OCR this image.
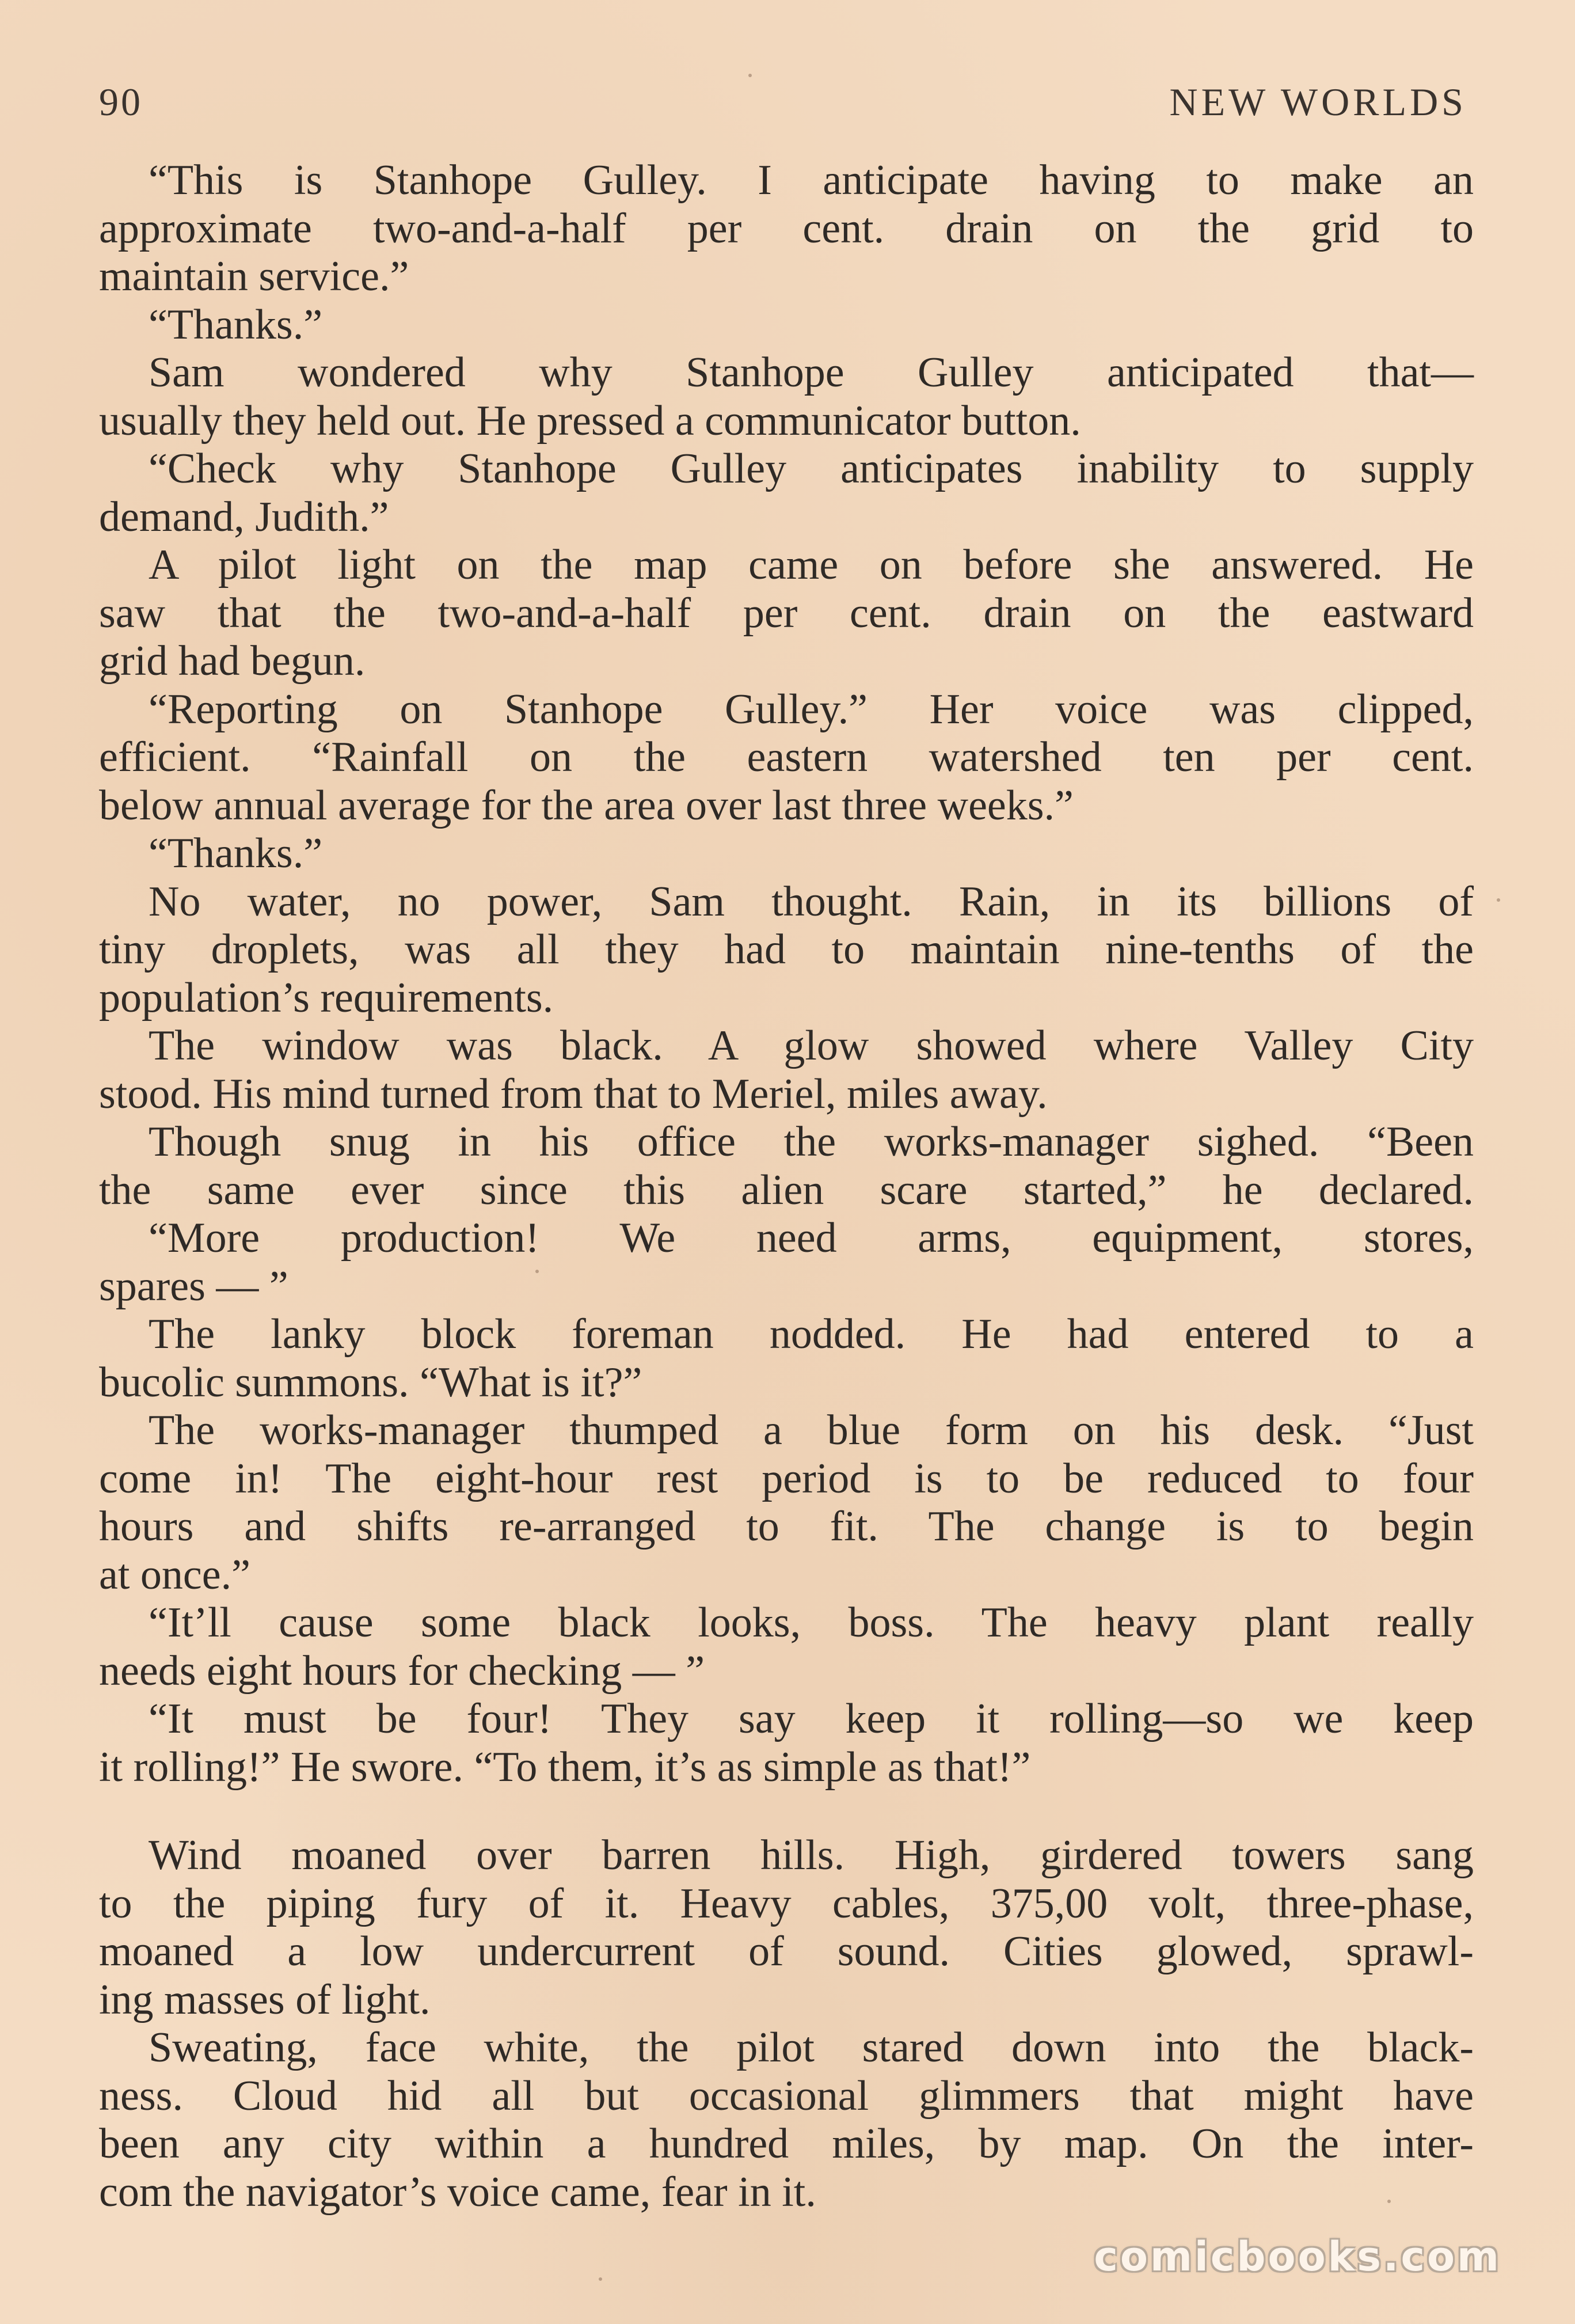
90	NEW WORLDS
“This is Stanhope Gulley. I anticipate having to make an
approximate two-and-a-half per cent. drain on the grid to
maintain service.”
“Thanks.”
Sam wondered why Stanhope Gulley anticipated that—
usually they held out. He pressed a communicator button.
“Check why Stanhope Gulley anticipates inability to supply
demand, Judith.”
A pilot light on the map came on before she answered. He
saw that the two-and-a-half per cent. drain on the eastward
grid had begun.
“Reporting on Stanhope Gulley.” Her voice was clipped,
efficient. “Rainfall on the eastern watershed ten per cent.
below annual average for the area over last three weeks.”
“Thanks.”
No water, no power, Sam thought. Rain, in its billions of
tiny droplets, was all they had to maintain nine-tenths of the
population’s requirements.
The window was black. A glow showed where Valley City
stood. His mind turned from that to Meriel, miles away.
Though snug in his office the works-manager sighed. “Been
the same ever since this alien scare started,” he declared.
“More production! We need arms, equipment, stores,
spares — ”
The lanky block foreman nodded. He had entered to a
bucolic summons. “What is it?”
The works-manager thumped a blue form on his desk. “Just
come in! The eight-hour rest period is to be reduced to four
hours and shifts re-arranged to fit. The change is to begin
at once.”
“It’ll cause some black looks, boss. The heavy plant really
needs eight hours for checking — ”
“It must be four! They say keep it rolling—so we keep
it rolling!” He swore. “To them, it’s as simple as that!”
Wind moaned over barren hills. High, girdered towers sang
to the piping fury of it. Heavy cables, 375,00 volt, three-phase,
moaned a low undercurrent of sound. Cities glowed, sprawl-
ing masses of light.
Sweating, face white, the pilot stared down into the black-
ness. Cloud hid all but occasional glimmers that might have
been any city within a hundred miles, by map. On the inter-
com the navigator’s voice came, fear in it.
comicbooks.com
